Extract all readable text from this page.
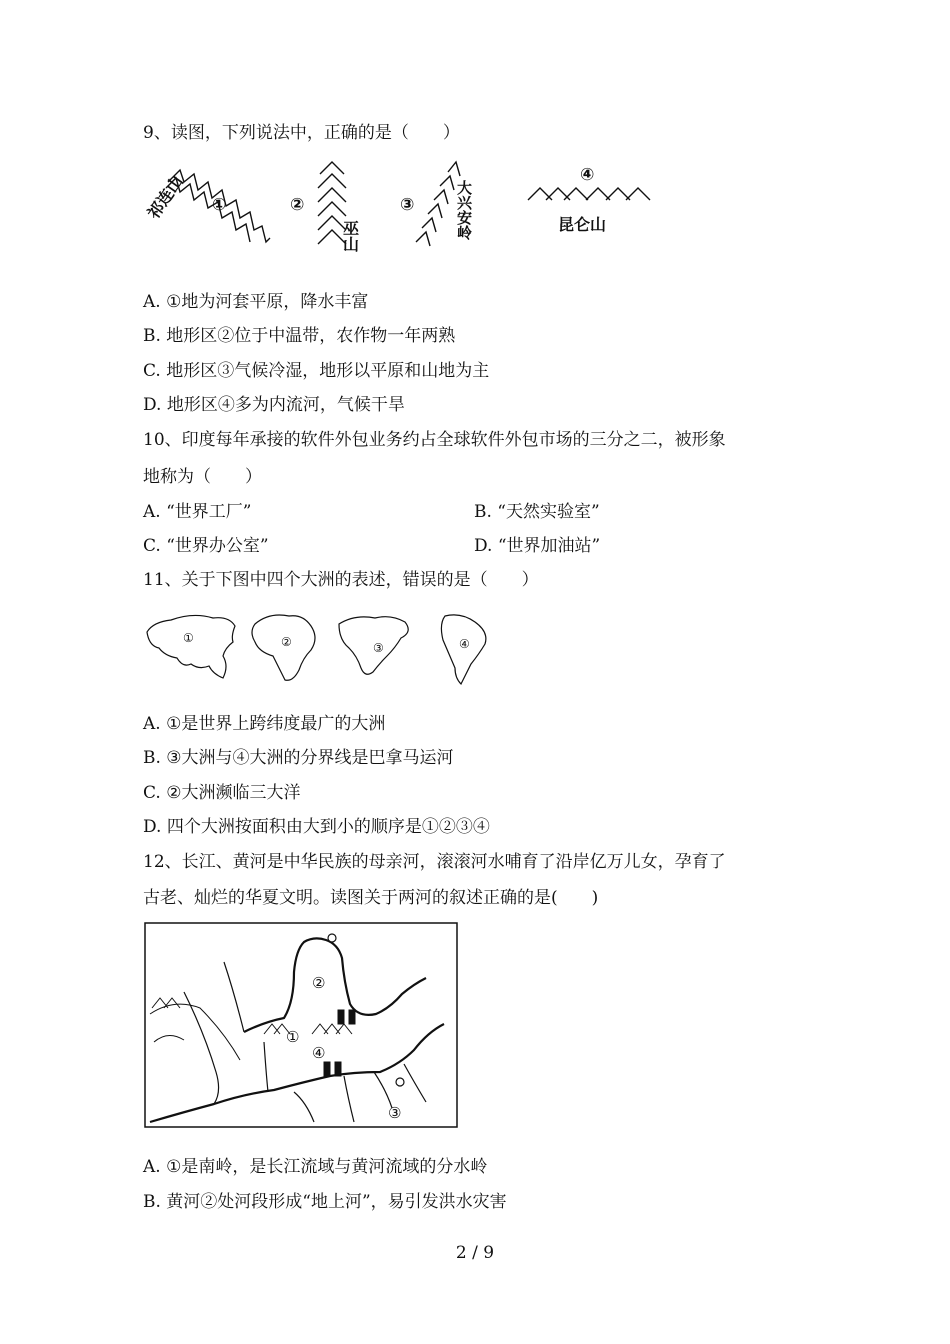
9、读图，下列说法中，正确的是（　　）
①
祁连山	②
巫山
③	大兴安岭
④
昆仑山
A. ①地为河套平原，降水丰富
B. 地形区②位于中温带，农作物一年两熟
C. 地形区③气候冷湿，地形以平原和山地为主
D. 地形区④多为内流河，气候干旱
10、印度每年承接的软件外包业务约占全球软件外包市场的三分之二，被形象
地称为（　　）
A. “世界工厂”	B. “天然实验室”
C. “世界办公室”	D. “世界加油站”
11、关于下图中四个大洲的表述，错误的是（　　）
①	②	③	④
A. ①是世界上跨纬度最广的大洲
B. ③大洲与④大洲的分界线是巴拿马运河
C. ②大洲濒临三大洋
D. 四个大洲按面积由大到小的顺序是①②③④
12、长江、黄河是中华民族的母亲河，滚滚河水哺育了沿岸亿万儿女，孕育了
古老、灿烂的华夏文明。读图关于两河的叙述正确的是(　　)
①
②
③
④
A. ①是南岭，是长江流域与黄河流域的分水岭
B. 黄河②处河段形成“地上河”，易引发洪水灾害
2 / 9
